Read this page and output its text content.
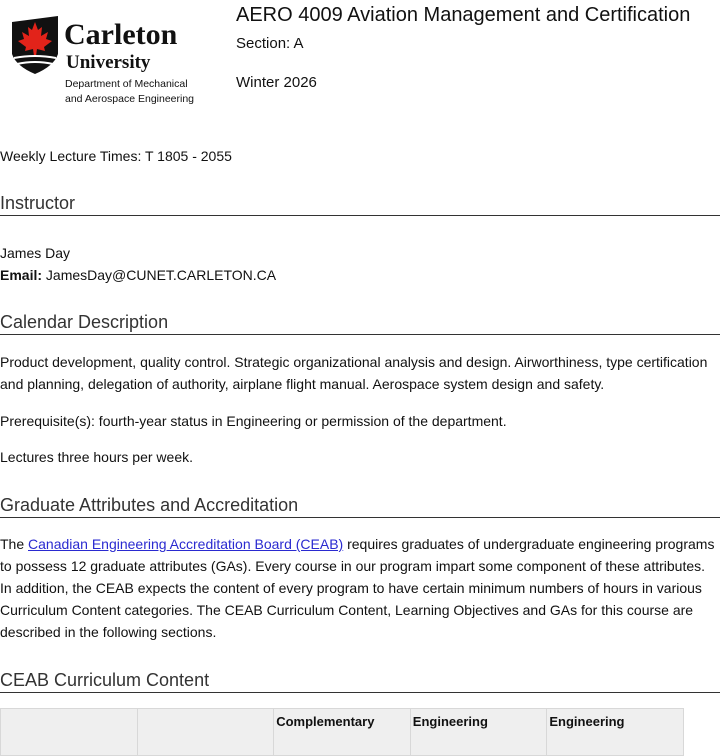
Carleton
University
Department of Mechanical
and Aerospace Engineering
AERO 4009 Aviation Management and Certification
Section: A
Winter 2026
Weekly Lecture Times: T 1805 - 2055
Instructor

James Day

Email: JamesDay@CUNET.CARLETON.CA

Calendar Description

Product development, quality control. Strategic organizational analysis and design. Airworthiness, type certification and planning, delegation of authority, airplane flight manual. Aerospace system design and safety.

Prerequisite(s): fourth-year status in Engineering or permission of the department.

Lectures three hours per week.

Graduate Attributes and Accreditation

The Canadian Engineering Accreditation Board (CEAB) requires graduates of undergraduate engineering programs to possess 12 graduate attributes (GAs). Every course in our program impart some component of these attributes. In addition, the CEAB expects the content of every program to have certain minimum numbers of hours in various Curriculum Content categories. The CEAB Curriculum Content, Learning Objectives and GAs for this course are described in the following sections.

CEAB Curriculum Content
		Complementary	Engineering	Engineering
